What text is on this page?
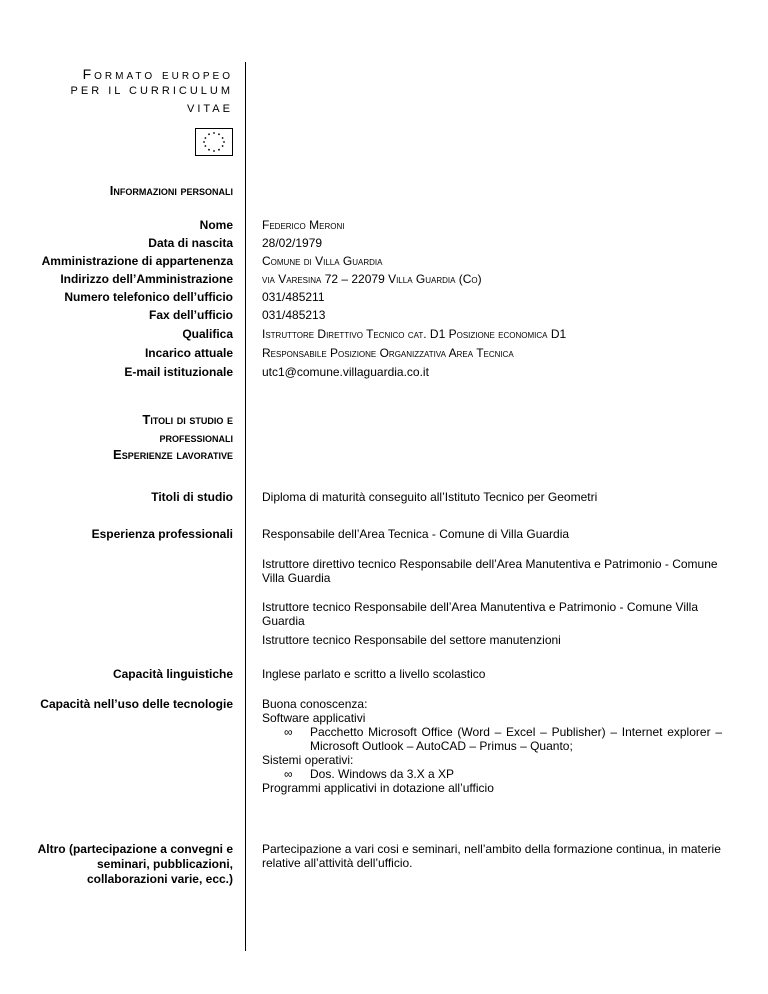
Formato europeo
PER IL CURRICULUM
VITAE
Informazioni personali
Nome Federico Meroni
Data di nascita 28/02/1979
Amministrazione di appartenenza Comune di Villa Guardia
Indirizzo dell’Amministrazione via Varesina 72 – 22079 Villa Guardia (Co)
Numero telefonico dell’ufficio 031/485211
Fax dell’ufficio 031/485213
Qualifica Istruttore Direttivo Tecnico cat. D1 Posizione economica D1
Incarico attuale Responsabile Posizione Organizzativa Area Tecnica
E-mail istituzionale utc1@comune.villaguardia.co.it
Titoli di studio e
professionali
Esperienze lavorative
Titoli di studio Diploma di maturità conseguito all’Istituto Tecnico per Geometri
Esperienza professionali Responsabile dell’Area Tecnica - Comune di Villa Guardia
Istruttore direttivo tecnico Responsabile dell’Area Manutentiva e Patrimonio - Comune Villa Guardia
Istruttore tecnico Responsabile dell’Area Manutentiva e Patrimonio - Comune Villa Guardia
Istruttore tecnico Responsabile del settore manutenzioni
Capacità linguistiche Inglese parlato e scritto a livello scolastico
Capacità nell’uso delle tecnologie Buona conoscenza:
Software applicativi
∞ Pacchetto Microsoft Office (Word – Excel – Publisher) – Internet explorer – Microsoft Outlook – AutoCAD – Primus – Quanto;
Sistemi operativi:
∞ Dos. Windows da 3.X a XP
Programmi applicativi in dotazione all’ufficio
Altro (partecipazione a convegni e
seminari, pubblicazioni,
collaborazioni varie, ecc.)
Partecipazione a vari cosi e seminari, nell’ambito della formazione continua, in materie relative all’attività dell’ufficio.
